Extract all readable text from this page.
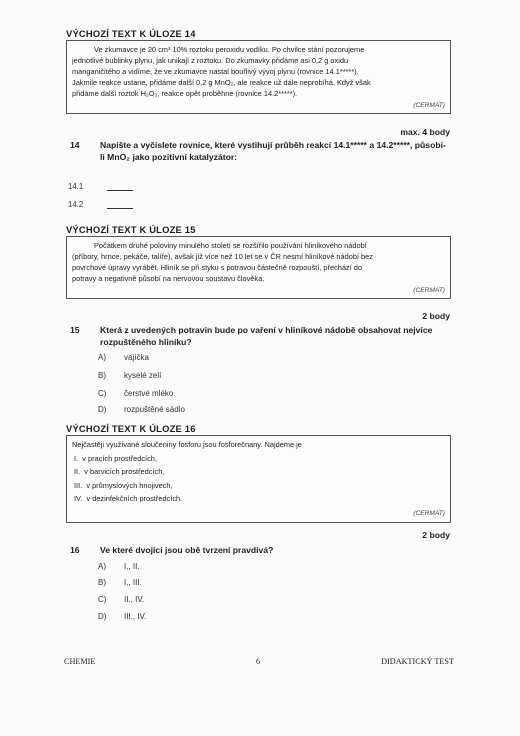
VÝCHOZÍ TEXT K ÚLOZE 14

Ve zkumavce je 20 cm³ 10% roztoku peroxidu vodíku. Po chvilce stání pozorujeme
jednotlivé bublinky plynu, jak unikají z roztoku. Do zkumavky přidáme asi 0,2 g oxidu
manganičitého a vidíme, že ve zkumavce nastal bouřlivý vývoj plynu (rovnice 14.1*****).
Jakmile reakce ustane, přidáme další 0,2 g MnO₂, ale reakce už dále neprobíhá. Když však
přidáme další roztok H₂O₂, reakce opět proběhne (rovnice 14.2*****).

(CERMAT)
max. 4 body
14 Napište a vyčíslete rovnice, které vystihují průběh reakcí 14.1***** a 14.2*****, působí-li MnO₂ jako pozitivní katalyzátor:
14.1
14.2
VÝCHOZÍ TEXT K ÚLOZE 15

Počátkem druhé poloviny minulého století se rozšířilo používání hliníkového nádobí
(příbory, hrnce, pekáče, talíře), avšak již více než 10 let se v ČR nesmí hliníkové nádobí bez
povrchové úpravy vyrábět. Hliník se při styku s potravou částečně rozpouští, přechází do
potravy a negativně působí na nervovou soustavu člověka.

(CERMAT)
2 body
15 Která z uvedených potravin bude po vaření v hliníkové nádobě obsahovat nejvíce rozpuštěného hliníku?
A) vajíčka
B) kyselé zelí
C) čerstvé mléko
D) rozpuštěné sádlo
VÝCHOZÍ TEXT K ÚLOZE 16

Nejčastěji využívané sloučeniny fosforu jsou fosforečnany. Najdeme je

I.  v pracích prostředcích,
II.  v barvicích prostředcích,
III.  v průmyslových hnojivech,
IV.  v dezinfekčních prostředcích.
(CERMAT)
2 body
16 Ve které dvojici jsou obě tvrzení pravdivá?
A) I., II.
B) I., III.
C) II., IV.
D) III., IV.
CHEMIE	6	DIDAKTICKÝ TEST
